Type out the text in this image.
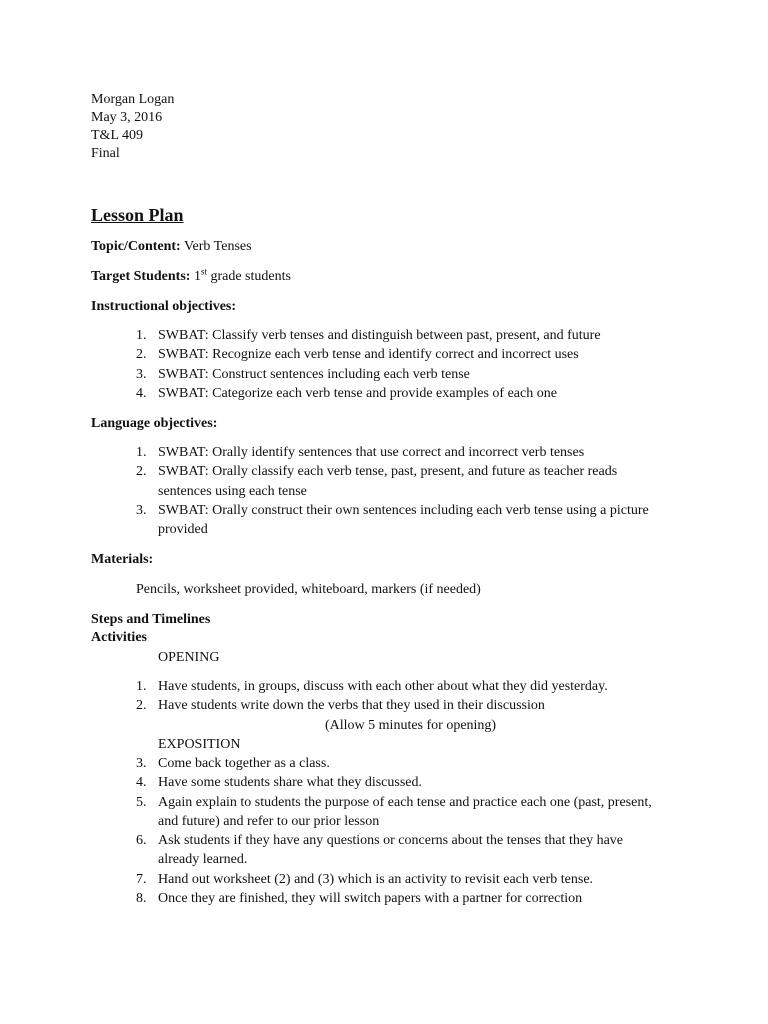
Morgan Logan
May 3, 2016
T&L 409
Final
Lesson Plan
Topic/Content: Verb Tenses
Target Students: 1st grade students
Instructional objectives:
1. SWBAT: Classify verb tenses and distinguish between past, present, and future
2. SWBAT: Recognize each verb tense and identify correct and incorrect uses
3. SWBAT: Construct sentences including each verb tense
4. SWBAT: Categorize each verb tense and provide examples of each one
Language objectives:
1. SWBAT: Orally identify sentences that use correct and incorrect verb tenses
2. SWBAT: Orally classify each verb tense, past, present, and future as teacher reads sentences using each tense
3. SWBAT: Orally construct their own sentences including each verb tense using a picture provided
Materials:
Pencils, worksheet provided, whiteboard, markers (if needed)
Steps and Timelines
Activities
OPENING
1. Have students, in groups, discuss with each other about what they did yesterday.
2. Have students write down the verbs that they used in their discussion
(Allow 5 minutes for opening)
EXPOSITION
3. Come back together as a class.
4. Have some students share what they discussed.
5. Again explain to students the purpose of each tense and practice each one (past, present, and future) and refer to our prior lesson
6. Ask students if they have any questions or concerns about the tenses that they have already learned.
7. Hand out worksheet (2) and (3) which is an activity to revisit each verb tense.
8. Once they are finished, they will switch papers with a partner for correction
